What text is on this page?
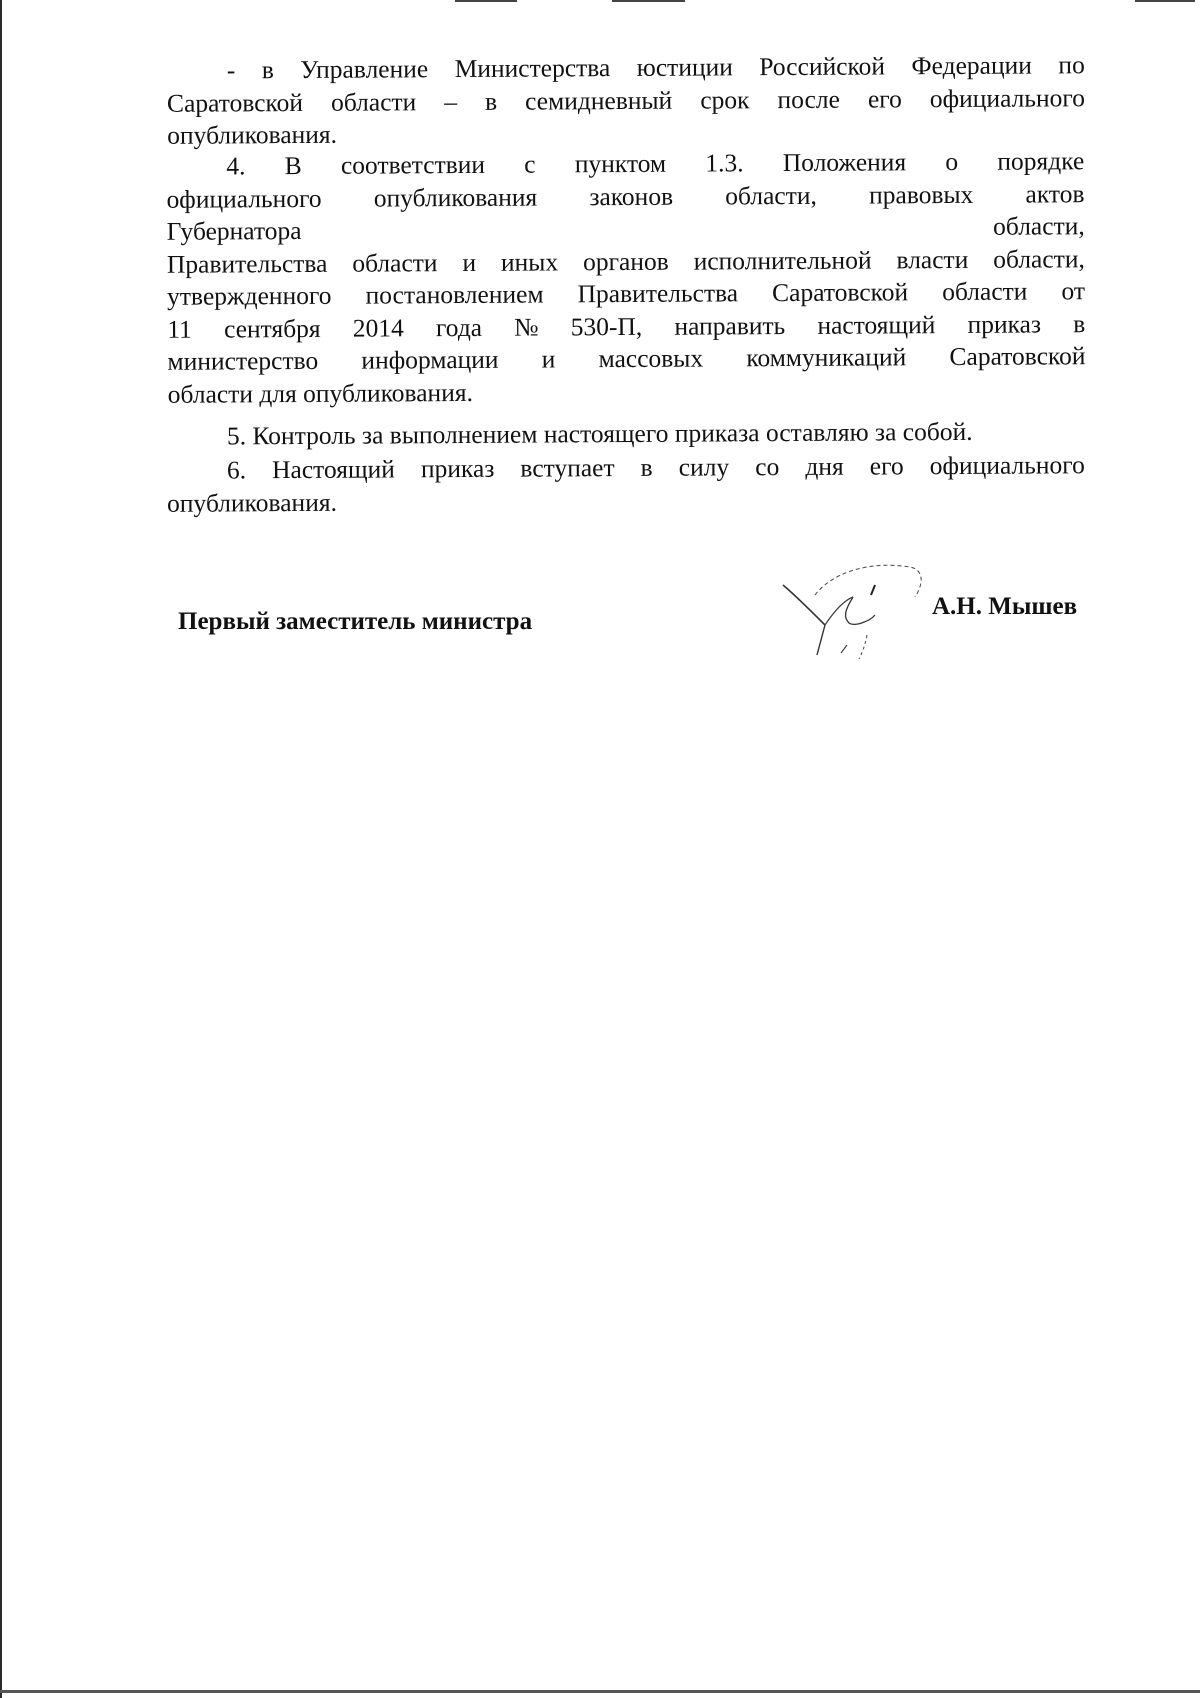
- в Управление Министерства юстиции Российской Федерации по
Саратовской области – в семидневный срок после его официального
опубликования.
4. В соответствии с пунктом 1.3. Положения о порядке
официального опубликования законов области, правовых актов
Губернатора	области,
Правительства области и иных органов исполнительной власти области,
утвержденного постановлением Правительства Саратовской области от
11 сентября 2014 года № 530-П, направить настоящий приказ в
министерство информации и массовых коммуникаций Саратовской
области для опубликования.
5. Контроль за выполнением настоящего приказа оставляю за собой.
6. Настоящий приказ вступает в силу со дня его официального
опубликования.
Первый заместитель министра
А.Н. Мышев
